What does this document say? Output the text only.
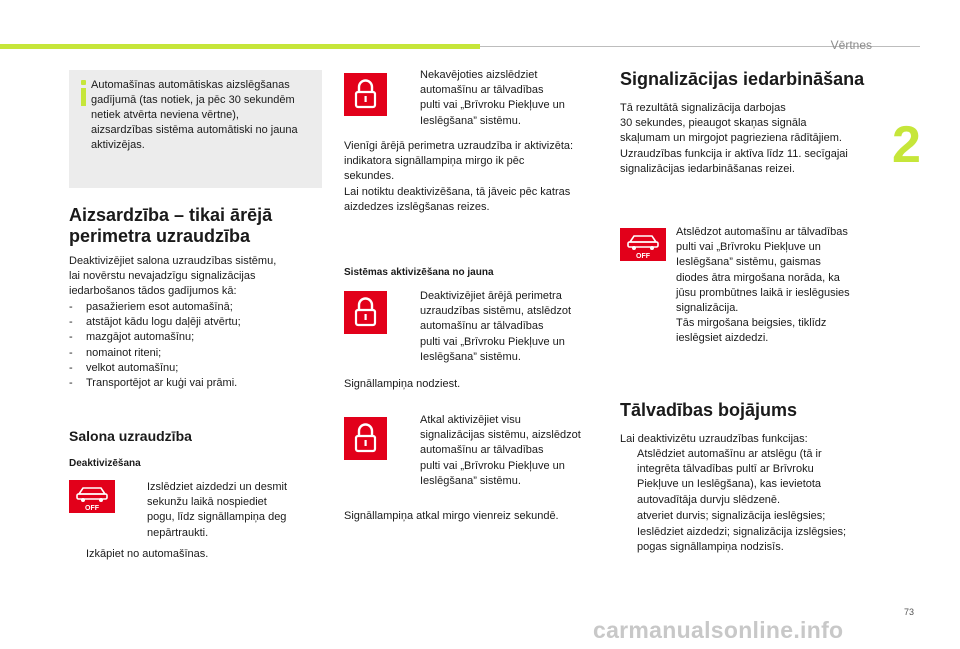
Vērtnes
2
Automašīnas automātiskas aizslēgšanas
gadījumā (tas notiek, ja pēc 30 sekundēm
netiek atvērta neviena vērtne),
aizsardzības sistēma automātiski no jauna
aktivizējas.
Aizsardzība – tikai ārējā
perimetra uzraudzība
Deaktivizējiet salona uzraudzības sistēmu,
lai novērstu nevajadzīgu signalizācijas
iedarbošanos tādos gadījumos kā:
- pasažieriem esot automašīnā;
- atstājot kādu logu daļēji atvērtu;
- mazgājot automašīnu;
- nomainot riteni;
- velkot automašīnu;
- Transportējot ar kuģi vai prāmi.
Salona uzraudzība
Deaktivizēšana
OFF
Izslēdziet aizdedzi un desmit
sekunžu laikā nospiediet
pogu, līdz signāllampiņa deg
nepārtraukti.
Izkāpiet no automašīnas.
Nekavējoties aizslēdziet
automašīnu ar tālvadības
pulti vai „Brīvroku Piekļuve un
Ieslēgšana” sistēmu.
Vienīgi ārējā perimetra uzraudzība ir aktivizēta:
indikatora signāllampiņa mirgo ik pēc
sekundes.
Lai notiktu deaktivizēšana, tā jāveic pēc katras
aizdedzes izslēgšanas reizes.
Sistēmas aktivizēšana no jauna
Deaktivizējiet ārējā perimetra
uzraudzības sistēmu, atslēdzot
automašīnu ar tālvadības
pulti vai „Brīvroku Piekļuve un
Ieslēgšana” sistēmu.
Signāllampiņa nodziest.
Atkal aktivizējiet visu
signalizācijas sistēmu, aizslēdzot
automašīnu ar tālvadības
pulti vai „Brīvroku Piekļuve un
Ieslēgšana” sistēmu.
Signāllampiņa atkal mirgo vienreiz sekundē.
Signalizācijas iedarbināšana
Tā rezultātā signalizācija darbojas
30 sekundes, pieaugot skaņas signāla
skaļumam un mirgojot pagrieziena rādītājiem.
Uzraudzības funkcija ir aktīva līdz 11. secīgajai
signalizācijas iedarbināšanas reizei.
OFF
Atslēdzot automašīnu ar tālvadības
pulti vai „Brīvroku Piekļuve un
Ieslēgšana” sistēmu, gaismas
diodes ātra mirgošana norāda, ka
jūsu prombūtnes laikā ir ieslēgusies
signalizācija.
Tās mirgošana beigsies, tiklīdz
ieslēgsiet aizdedzi.
Tālvadības bojājums
Lai deaktivizētu uzraudzības funkcijas:
Atslēdziet automašīnu ar atslēgu (tā ir
integrēta tālvadības pultī ar Brīvroku
Piekļuve un Ieslēgšana), kas ievietota
autovadītāja durvju slēdzenē.
atveriet durvis; signalizācija ieslēgsies;
Ieslēdziet aizdedzi; signalizācija izslēgsies;
pogas signāllampiņa nodzisīs.
73
carmanualsonline.info
